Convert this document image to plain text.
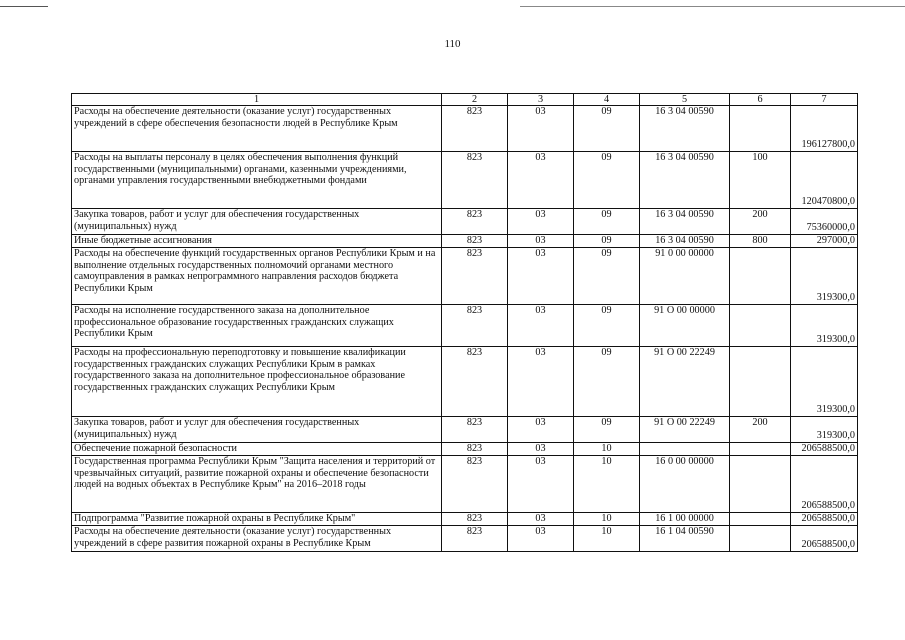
110
1	2	3	4	5	6	7
Расходы на обеспечение деятельности (оказание услуг) государственных учреждений в сфере обеспечения безопасности людей в Республике Крым	823	03	09	16 3 04 00590		196127800,0
Расходы на выплаты персоналу в целях обеспечения выполнения функций государственными (муниципальными) органами, казенными учреждениями, органами управления государственными внебюджетными фондами	823	03	09	16 3 04 00590	100	120470800,0
Закупка товаров, работ и услуг для обеспечения государственных (муниципальных) нужд	823	03	09	16 3 04 00590	200	75360000,0
Иные бюджетные ассигнования	823	03	09	16 3 04 00590	800	297000,0
Расходы на обеспечение функций государственных органов Республики Крым и на выполнение отдельных государственных полномочий органами местного самоуправления в рамках непрограммного направления расходов бюджета Республики Крым	823	03	09	91 0 00 00000		319300,0
Расходы на исполнение государственного заказа на дополнительное профессиональное образование государственных гражданских служащих Республики Крым	823	03	09	91 О 00 00000		319300,0
Расходы на профессиональную переподготовку и повышение квалификации государственных гражданских служащих Республики Крым в рамках государственного заказа на дополнительное профессиональное образование государственных гражданских служащих Республики Крым	823	03	09	91 О 00 22249		319300,0
Закупка товаров, работ и услуг для обеспечения государственных (муниципальных) нужд	823	03	09	91 О 00 22249	200	319300,0
Обеспечение пожарной безопасности	823	03	10			206588500,0
Государственная программа Республики Крым "Защита населения и территорий от чрезвычайных ситуаций, развитие пожарной охраны и обеспечение безопасности людей на водных объектах в Республике Крым" на 2016–2018 годы	823	03	10	16 0 00 00000		206588500,0
Подпрограмма "Развитие пожарной охраны в Республике Крым"	823	03	10	16 1 00 00000		206588500,0
Расходы на обеспечение деятельности (оказание услуг) государственных учреждений в сфере развития пожарной охраны в Республике Крым	823	03	10	16 1 04 00590		206588500,0
